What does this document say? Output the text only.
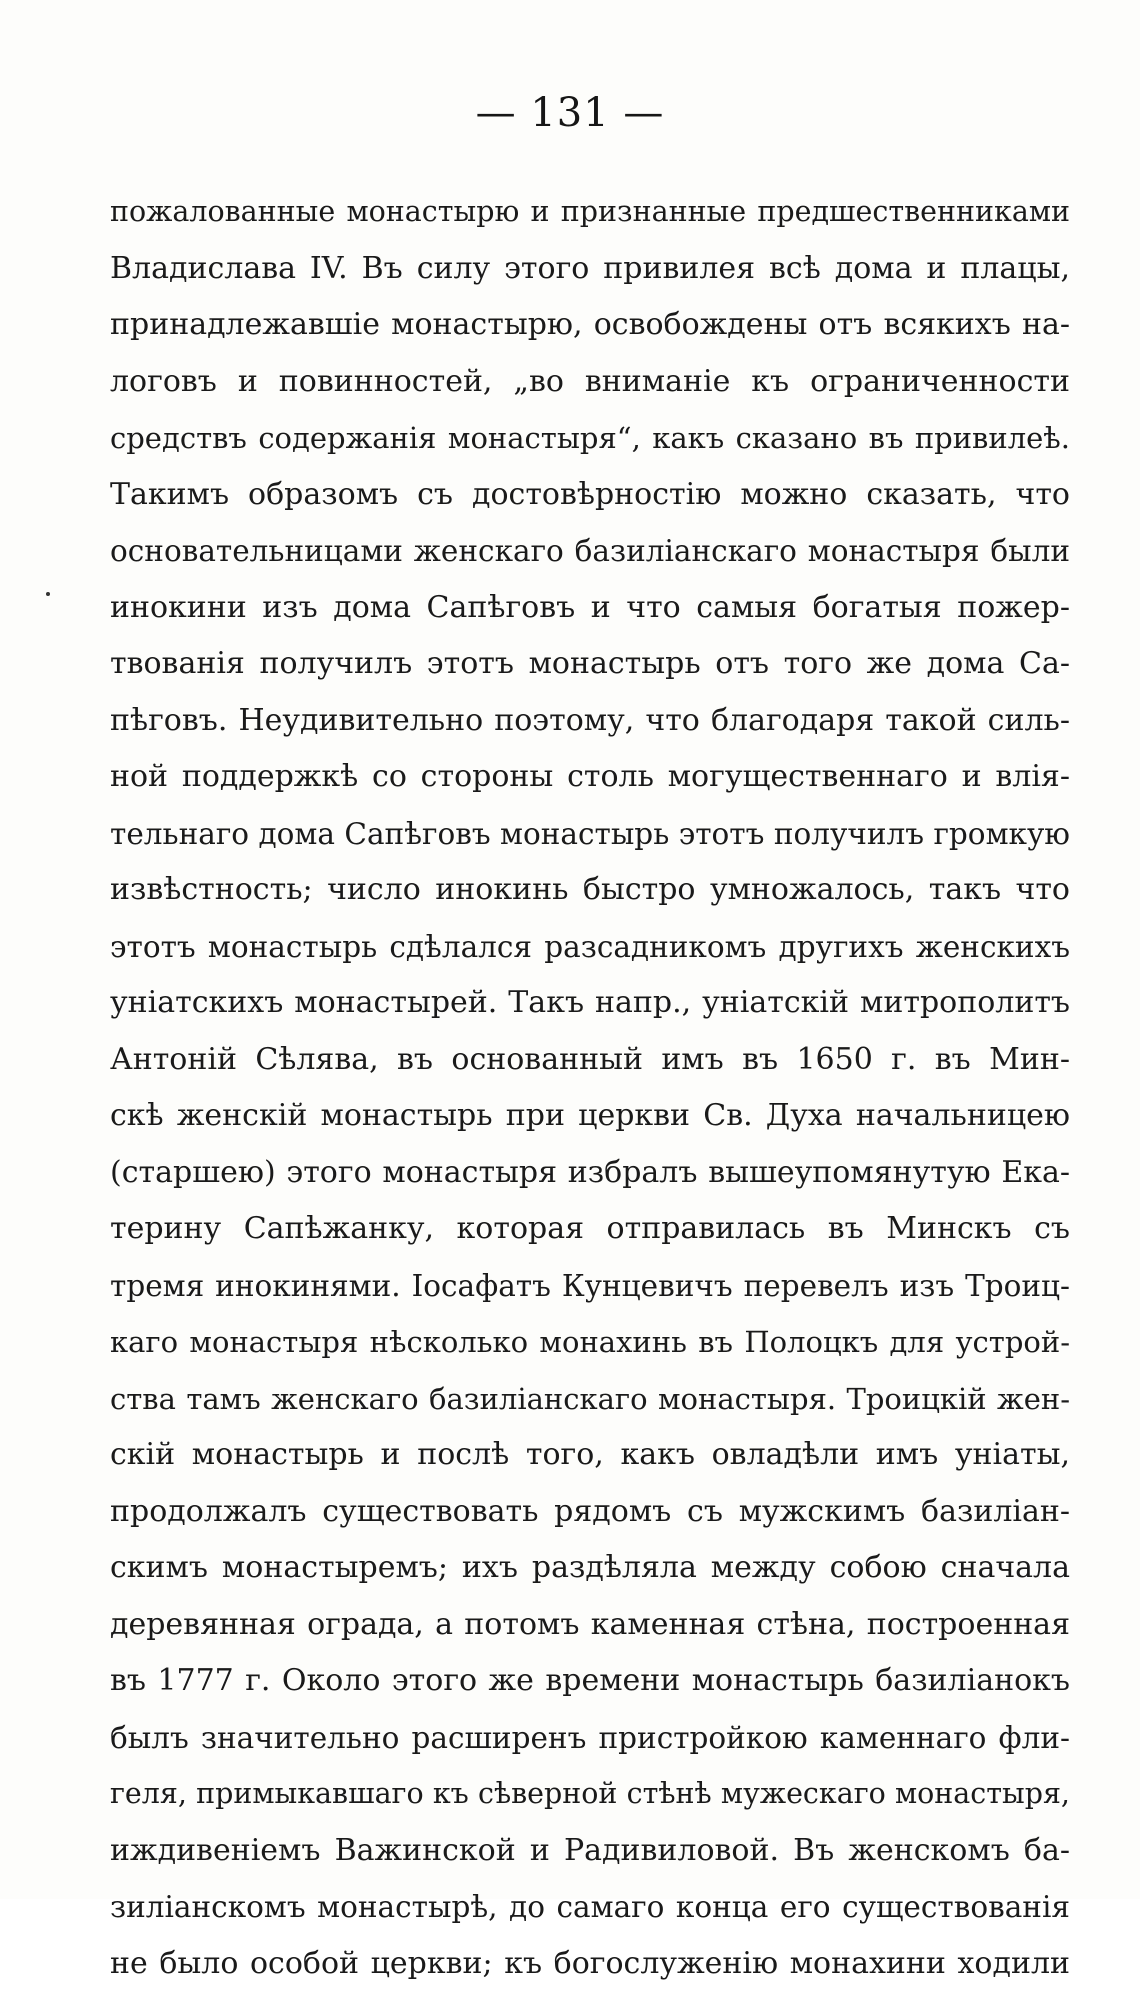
— 131 —
пожалованные монастырю и признанные предшественниками
Владислава IV. Въ силу этого привилея всѣ дома и плацы,
принадлежавшіе монастырю, освобождены отъ всякихъ на-
логовъ и повинностей, „во вниманіе къ ограниченности
средствъ содержанія монастыря“, какъ сказано въ привилеѣ.
Такимъ образомъ съ достовѣрностію можно сказать, что
основательницами женскаго базиліанскаго монастыря были
инокини изъ дома Сапѣговъ и что самыя богатыя пожер-
твованія получилъ этотъ монастырь отъ того же дома Са-
пѣговъ. Неудивительно поэтому, что благодаря такой силь-
ной поддержкѣ со стороны столь могущественнаго и влія-
тельнаго дома Сапѣговъ монастырь этотъ получилъ громкую
извѣстность; число инокинь быстро умножалось, такъ что
этотъ монастырь сдѣлался разсадникомъ другихъ женскихъ
уніатскихъ монастырей. Такъ напр., уніатскій митрополитъ
Антоній Сѣлява, въ основанный имъ въ 1650 г. въ Мин-
скѣ женскій монастырь при церкви Св. Духа начальницею
(старшею) этого монастыря избралъ вышеупомянутую Ека-
терину Сапѣжанку, которая отправилась въ Минскъ съ
тремя инокинями. Іосафатъ Кунцевичъ перевелъ изъ Троиц-
каго монастыря нѣсколько монахинь въ Полоцкъ для устрой-
ства тамъ женскаго базиліанскаго монастыря. Троицкій жен-
скій монастырь и послѣ того, какъ овладѣли имъ уніаты,
продолжалъ существовать рядомъ съ мужскимъ базиліан-
скимъ монастыремъ; ихъ раздѣляла между собою сначала
деревянная ограда, а потомъ каменная стѣна, построенная
въ 1777 г. Около этого же времени монастырь базиліанокъ
былъ значительно расширенъ пристройкою каменнаго фли-
геля, примыкавшаго къ сѣверной стѣнѣ мужескаго монастыря,
иждивеніемъ Важинской и Радивиловой. Въ женскомъ ба-
зиліанскомъ монастырѣ, до самаго конца его существованія
не было особой церкви; къ богослуженію монахини ходили
